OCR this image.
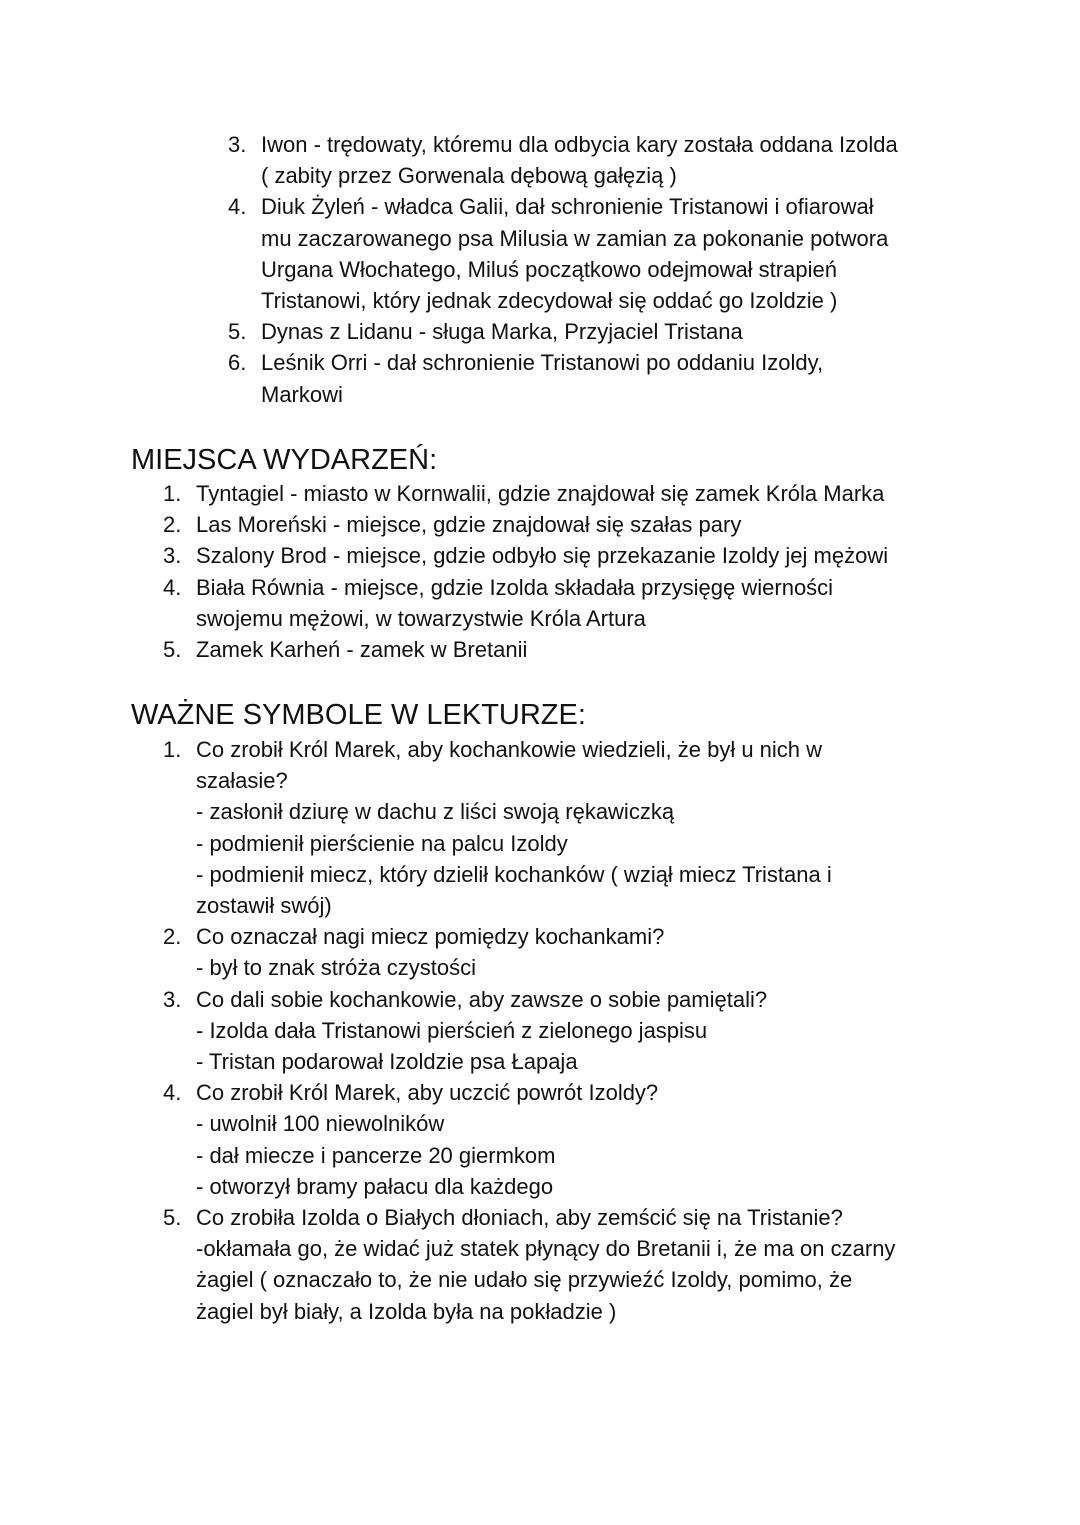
MIEJSCA WYDARZEŃ:
WAŻNE SYMBOLE W LEKTURZE:
3. Iwon - trędowaty, któremu dla odbycia kary została oddana Izolda
( zabity przez Gorwenala dębową gałęzią )
4. Diuk Żyleń - władca Galii, dał schronienie Tristanowi i ofiarował
mu zaczarowanego psa Milusia w zamian za pokonanie potwora
Urgana Włochatego, Miluś początkowo odejmował strapień
Tristanowi, który jednak zdecydował się oddać go Izoldzie )
5. Dynas z Lidanu - sługa Marka, Przyjaciel Tristana
6. Leśnik Orri - dał schronienie Tristanowi po oddaniu Izoldy,
Markowi
1. Tyntagiel - miasto w Kornwalii, gdzie znajdował się zamek Króla Marka
2. Las Moreński - miejsce, gdzie znajdował się szałas pary
3. Szalony Brod - miejsce, gdzie odbyło się przekazanie Izoldy jej mężowi
4. Biała Równia - miejsce, gdzie Izolda składała przysięgę wierności
swojemu mężowi, w towarzystwie Króla Artura
5. Zamek Karheń - zamek w Bretanii
1. Co zrobił Król Marek, aby kochankowie wiedzieli, że był u nich w
szałasie?
- zasłonił dziurę w dachu z liści swoją rękawiczką
- podmienił pierścienie na palcu Izoldy
- podmienił miecz, który dzielił kochanków ( wziął miecz Tristana i
zostawił swój)
2. Co oznaczał nagi miecz pomiędzy kochankami?
- był to znak stróża czystości
3. Co dali sobie kochankowie, aby zawsze o sobie pamiętali?
- Izolda dała Tristanowi pierścień z zielonego jaspisu
- Tristan podarował Izoldzie psa Łapaja
4. Co zrobił Król Marek, aby uczcić powrót Izoldy?
- uwolnił 100 niewolników
- dał miecze i pancerze 20 giermkom
- otworzył bramy pałacu dla każdego
5. Co zrobiła Izolda o Białych dłoniach, aby zemścić się na Tristanie?
-okłamała go, że widać już statek płynący do Bretanii i, że ma on czarny
żagiel ( oznaczało to, że nie udało się przywieźć Izoldy, pomimo, że
żagiel był biały, a Izolda była na pokładzie )
